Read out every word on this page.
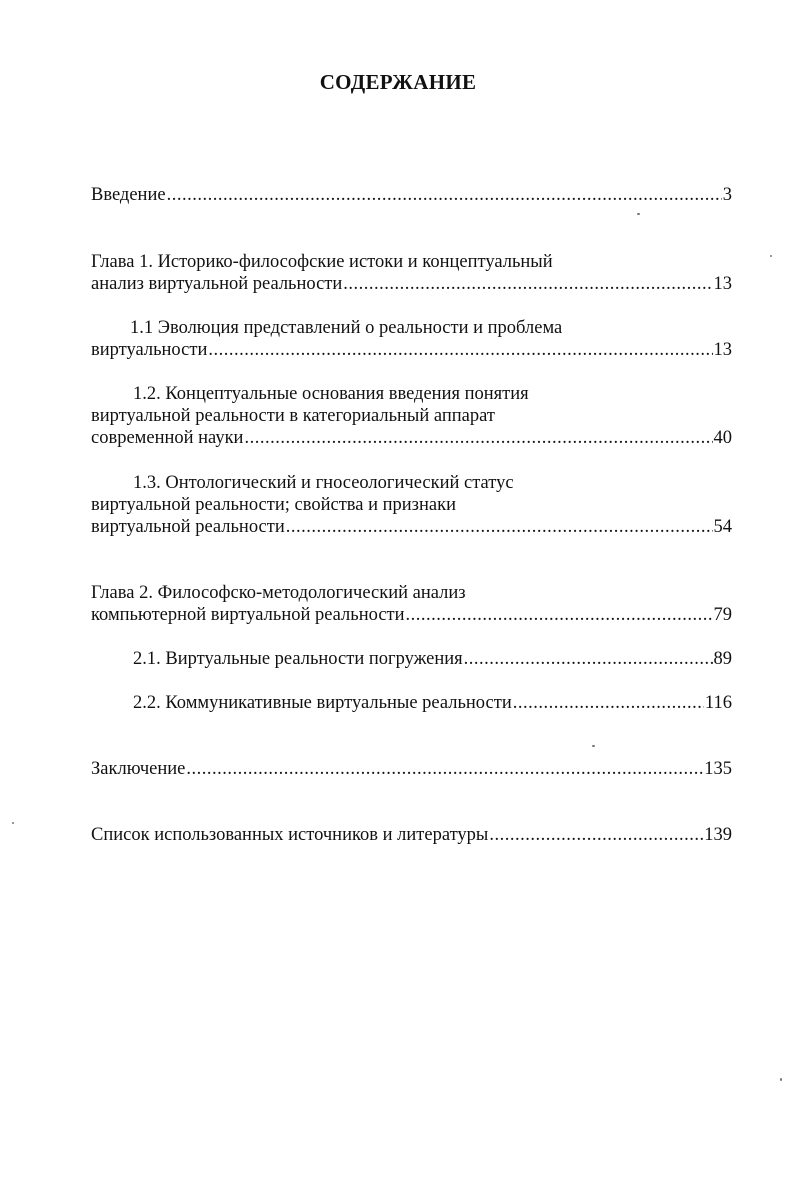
СОДЕРЖАНИЕ
Введение .....	3
Глава 1. Историко-философские истоки и концептуальный
анализ виртуальной реальности .....	13
1.1 Эволюция представлений о реальности и проблема
виртуальности .....	13
1.2. Концептуальные основания введения понятия
виртуальной реальности в категориальный аппарат
современной науки .....	40
1.3. Онтологический и гносеологический статус
виртуальной реальности; свойства и признаки
виртуальной реальности .....	54
Глава 2. Философско-методологический анализ
компьютерной виртуальной реальности .....	79
2.1. Виртуальные реальности погружения .....	89
2.2. Коммуникативные виртуальные реальности .....	116
Заключение .....	135
Список использованных источников и литературы .....	139
